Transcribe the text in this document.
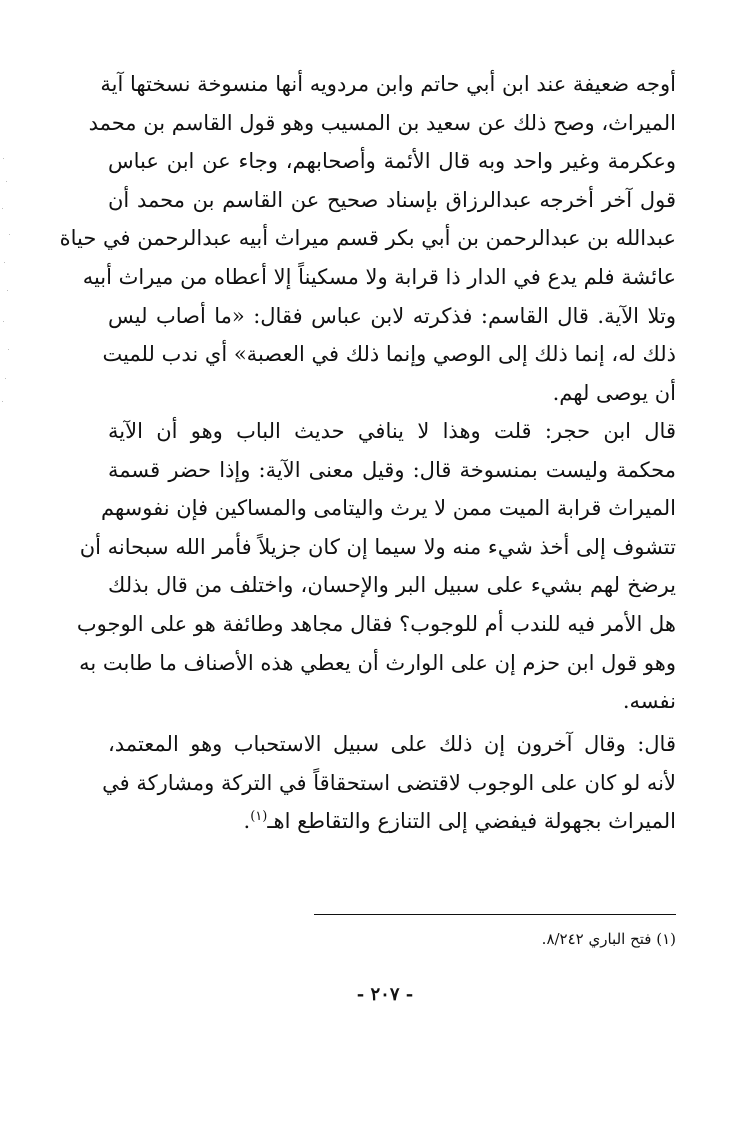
أوجه ضعيفة عند ابن أبي حاتم وابن مردويه أنها منسوخة نسختها آية
الميراث، وصح ذلك عن سعيد بن المسيب وهو قول القاسم بن محمد
وعكرمة وغير واحد وبه قال الأئمة وأصحابهم، وجاء عن ابن عباس
قول آخر أخرجه عبدالرزاق بإسناد صحيح عن القاسم بن محمد أن
عبدالله بن عبدالرحمن بن أبي بكر قسم ميراث أبيه عبدالرحمن في حياة
عائشة فلم يدع في الدار ذا قرابة ولا مسكيناً إلا أعطاه من ميراث أبيه
وتلا الآية. قال القاسم: فذكرته لابن عباس فقال: «ما أصاب ليس
ذلك له، إنما ذلك إلى الوصي وإنما ذلك في العصبة» أي ندب للميت
أن يوصى لهم.

قال ابن حجر: قلت وهذا لا ينافي حديث الباب وهو أن الآية
محكمة وليست بمنسوخة قال: وقيل معنى الآية: وإذا حضر قسمة
الميراث قرابة الميت ممن لا يرث واليتامى والمساكين فإن نفوسهم
تتشوف إلى أخذ شيء منه ولا سيما إن كان جزيلاً فأمر الله سبحانه أن
يرضخ لهم بشيء على سبيل البر والإحسان، واختلف من قال بذلك
هل الأمر فيه للندب أم للوجوب؟ فقال مجاهد وطائفة هو على الوجوب
وهو قول ابن حزم إن على الوارث أن يعطي هذه الأصناف ما طابت به
نفسه.

قال: وقال آخرون إن ذلك على سبيل الاستحباب وهو المعتمد،
لأنه لو كان على الوجوب لاقتضى استحقاقاً في التركة ومشاركة في
الميراث بجهولة فيفضي إلى التنازع والتقاطع اهـ$^{(١)}$.

(١) فتح الباري ٨/٢٤٢.
- ٢٠٧ -
